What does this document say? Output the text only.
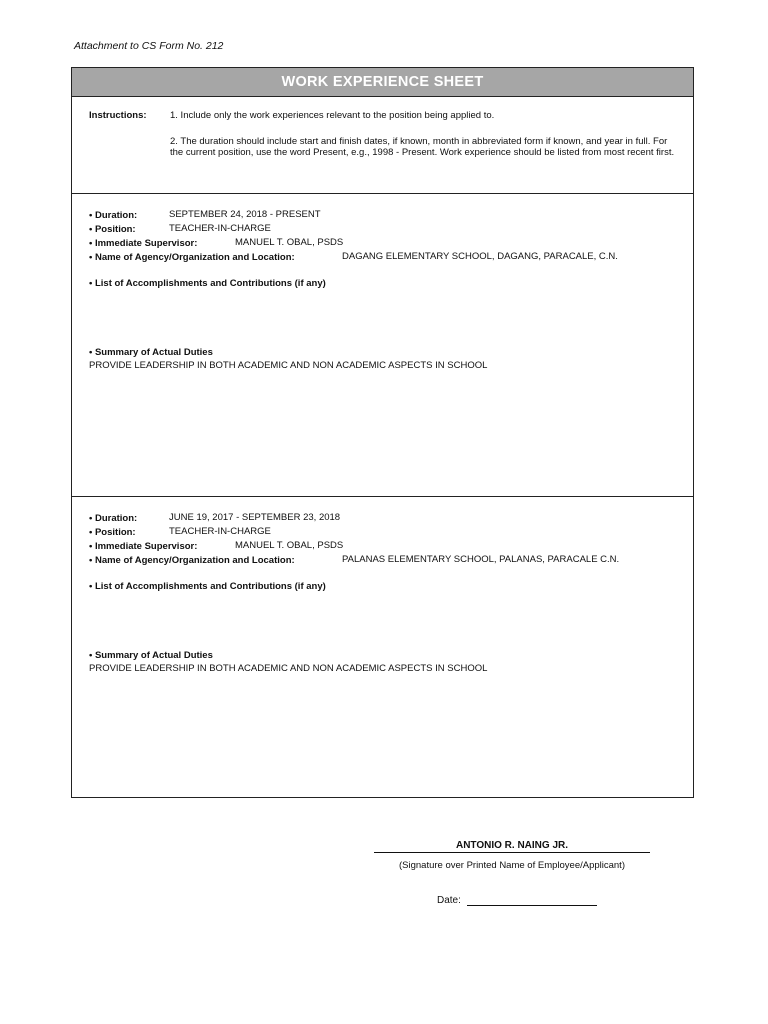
Attachment to CS Form No. 212
WORK EXPERIENCE SHEET
Instructions: 1. Include only the work experiences relevant to the position being applied to.
2. The duration should include start and finish dates, if known, month in abbreviated form if known, and year in full. For the current position, use the word Present, e.g., 1998 - Present. Work experience should be listed from most recent first.
• Duration:	SEPTEMBER 24, 2018 - PRESENT
• Position:	TEACHER-IN-CHARGE
• Immediate Supervisor:	MANUEL T. OBAL, PSDS
• Name of Agency/Organization and Location:	DAGANG ELEMENTARY SCHOOL, DAGANG, PARACALE, C.N.
• List of Accomplishments and Contributions (if any)
• Summary of Actual Duties
PROVIDE LEADERSHIP IN BOTH ACADEMIC AND NON ACADEMIC ASPECTS IN SCHOOL
• Duration:	JUNE 19, 2017 - SEPTEMBER 23, 2018
• Position:	TEACHER-IN-CHARGE
• Immediate Supervisor:	MANUEL T. OBAL, PSDS
• Name of Agency/Organization and Location:	PALANAS ELEMENTARY SCHOOL, PALANAS, PARACALE C.N.
• List of Accomplishments and Contributions (if any)
• Summary of Actual Duties
PROVIDE LEADERSHIP IN BOTH ACADEMIC AND NON ACADEMIC ASPECTS IN SCHOOL
ANTONIO R. NAING JR.
(Signature over Printed Name of Employee/Applicant)
Date:
